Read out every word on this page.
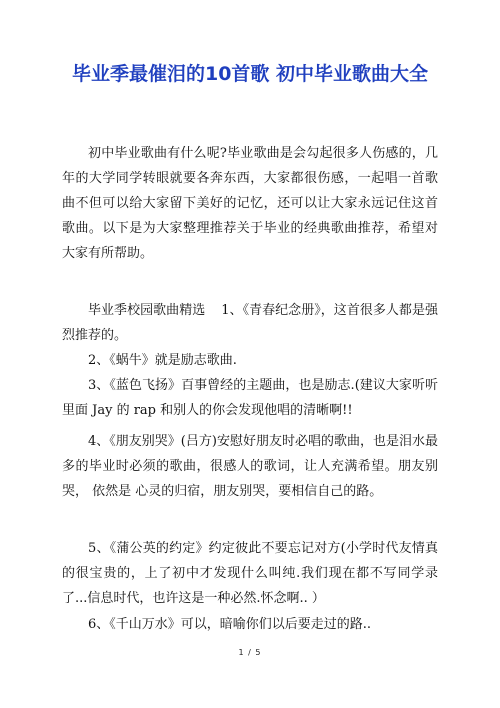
毕业季最催泪的10首歌 初中毕业歌曲大全

初中毕业歌曲有什么呢?毕业歌曲是会勾起很多人伤感的，几年的大学同学转眼就要各奔东西，大家都很伤感，一起唱一首歌曲不但可以给大家留下美好的记忆，还可以让大家永远记住这首歌曲。以下是为大家整理推荐关于毕业的经典歌曲推荐，希望对大家有所帮助。

毕业季校园歌曲精选 1、《青春纪念册》，这首很多人都是强烈推荐的。

2、《蜗牛》就是励志歌曲.

3、《蓝色飞扬》百事曾经的主题曲，也是励志.(建议大家听听里面 Jay 的 rap 和别人的你会发现他唱的清晰啊!!

4、《朋友别哭》(吕方)安慰好朋友时必唱的歌曲，也是泪水最多的毕业时必须的歌曲，很感人的歌词，让人充满希望。朋友别哭， 依然是 心灵的归宿，朋友别哭，要相信自己的路。

5、《蒲公英的约定》约定彼此不要忘记对方(小学时代友情真的很宝贵的，上了初中才发现什么叫纯.我们现在都不写同学录了...信息时代，也许这是一种必然.怀念啊.. ）

6、《千山万水》可以，暗喻你们以后要走过的路..

1 / 5
